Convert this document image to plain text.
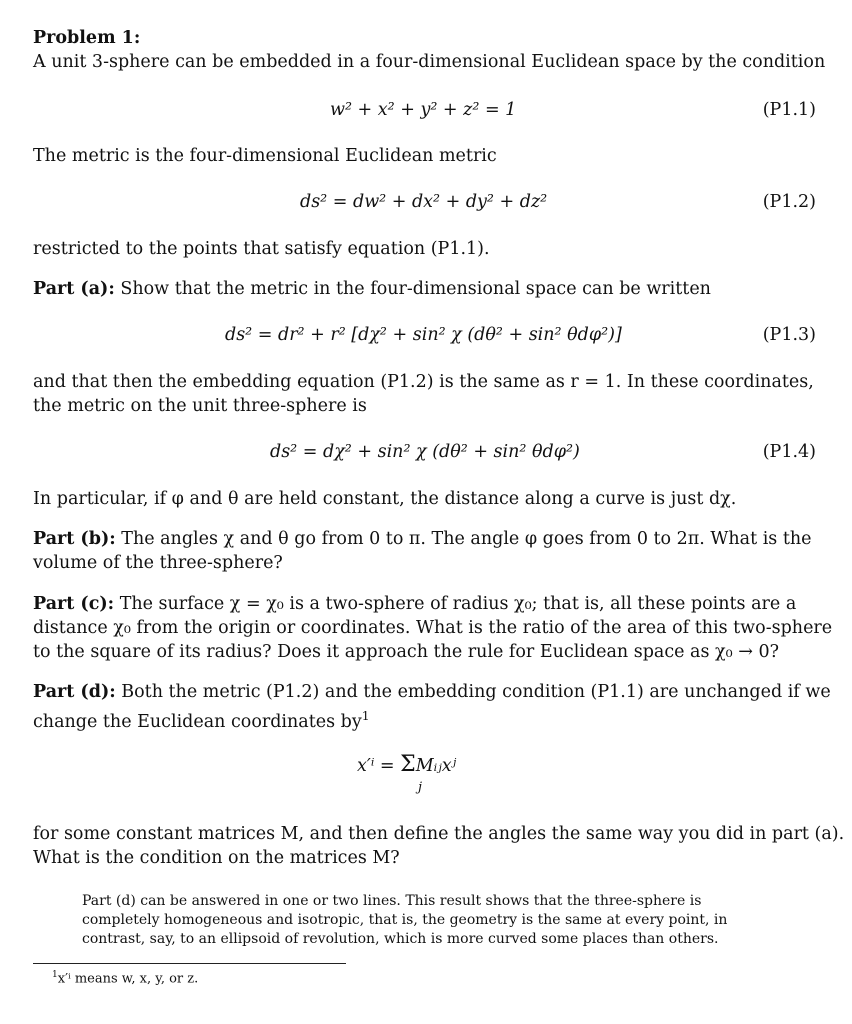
Problem 1:
A unit 3-sphere can be embedded in a four-dimensional Euclidean space by the condition
w² + x² + y² + z² = 1	(P1.1)
The metric is the four-dimensional Euclidean metric
ds² = dw² + dx² + dy² + dz²	(P1.2)
restricted to the points that satisfy equation (P1.1).
Part (a): Show that the metric in the four-dimensional space can be written
ds² = dr² + r² [dχ² + sin² χ (dθ² + sin² θdφ²)]	(P1.3)
and that then the embedding equation (P1.2) is the same as r = 1. In these coordinates,
the metric on the unit three-sphere is
ds² = dχ² + sin² χ (dθ² + sin² θdφ²)	(P1.4)
In particular, if φ and θ are held constant, the distance along a curve is just dχ.
Part (b): The angles χ and θ go from 0 to π. The angle φ goes from 0 to 2π. What is the
volume of the three-sphere?
Part (c): The surface χ = χ₀ is a two-sphere of radius χ₀; that is, all these points are a
distance χ₀ from the origin or coordinates. What is the ratio of the area of this two-sphere
to the square of its radius? Does it approach the rule for Euclidean space as χ₀ → 0?
Part (d): Both the metric (P1.2) and the embedding condition (P1.1) are unchanged if we
change the Euclidean coordinates $by^1$
x′ⁱ = ΣMᵢⱼxʲ
j
for some constant matrices M, and then define the angles the same way you did in part (a).
What is the condition on the matrices M?
Part (d) can be answered in one or two lines. This result shows that the three-sphere is
completely homogeneous and isotropic, that is, the geometry is the same at every point, in
contrast, say, to an ellipsoid of revolution, which is more curved some places than others.
$^1$x′ⁱ means w, x, y, or z.
